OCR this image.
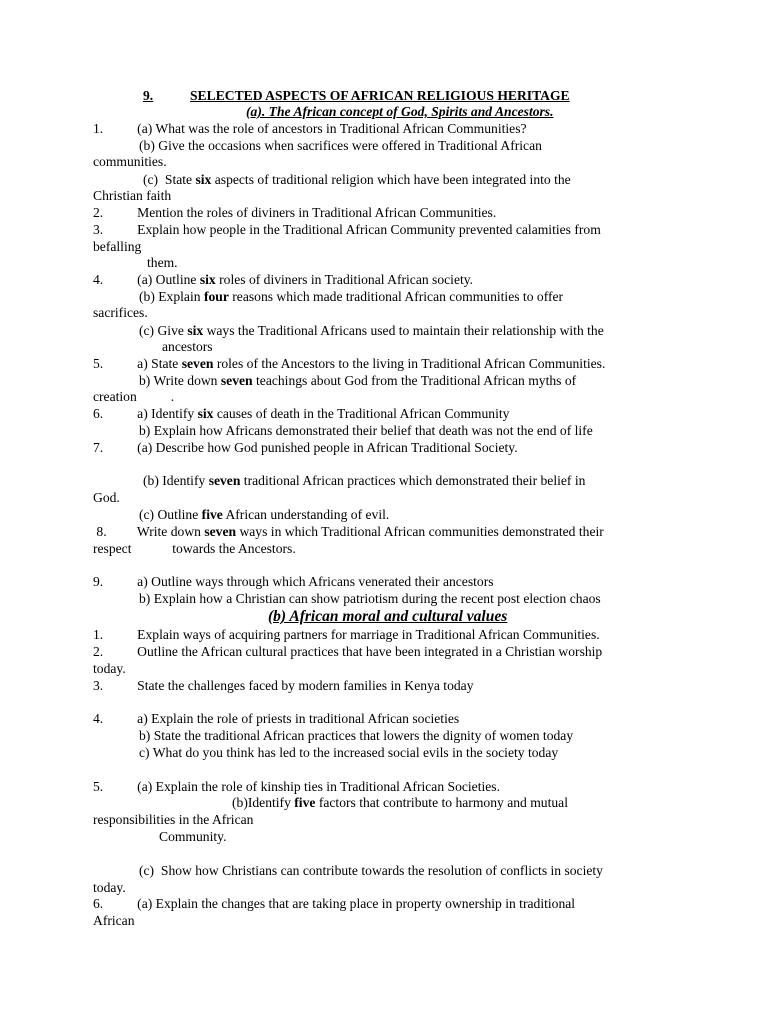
9.	SELECTED ASPECTS OF AFRICAN RELIGIOUS HERITAGE
(a). The African concept of God, Spirits and Ancestors.
1.          (a) What was the role of ancestors in Traditional African Communities?
(b) Give the occasions when sacrifices were offered in Traditional African
communities.
(c)  State six aspects of traditional religion which have been integrated into the
Christian faith
2.          Mention the roles of diviners in Traditional African Communities.
3.          Explain how people in the Traditional African Community prevented calamities from
befalling
them.
4.          (a) Outline six roles of diviners in Traditional African society.
(b) Explain four reasons which made traditional African communities to offer
sacrifices.
(c) Give six ways the Traditional Africans used to maintain their relationship with the
ancestors
5.          a) State seven roles of the Ancestors to the living in Traditional African Communities.
b) Write down seven teachings about God from the Traditional African myths of
creation          .
6.          a) Identify six causes of death in the Traditional African Community
b) Explain how Africans demonstrated their belief that death was not the end of life
7.          (a) Describe how God punished people in African Traditional Society.
(b) Identify seven traditional African practices which demonstrated their belief in
God.
(c) Outline five African understanding of evil.
8.         Write down seven ways in which Traditional African communities demonstrated their
respect            towards the Ancestors.
9.          a) Outline ways through which Africans venerated their ancestors
b) Explain how a Christian can show patriotism during the recent post election chaos
(b) African moral and cultural values
1.          Explain ways of acquiring partners for marriage in Traditional African Communities.
2.          Outline the African cultural practices that have been integrated in a Christian worship
today.
3.          State the challenges faced by modern families in Kenya today
4.          a) Explain the role of priests in traditional African societies
b) State the traditional African practices that lowers the dignity of women today
c) What do you think has led to the increased social evils in the society today
5.          (a) Explain the role of kinship ties in Traditional African Societies.
(b)Identify five factors that contribute to harmony and mutual
responsibilities in the African
Community.
(c)  Show how Christians can contribute towards the resolution of conflicts in society
today.
6.          (a) Explain the changes that are taking place in property ownership in traditional
African
